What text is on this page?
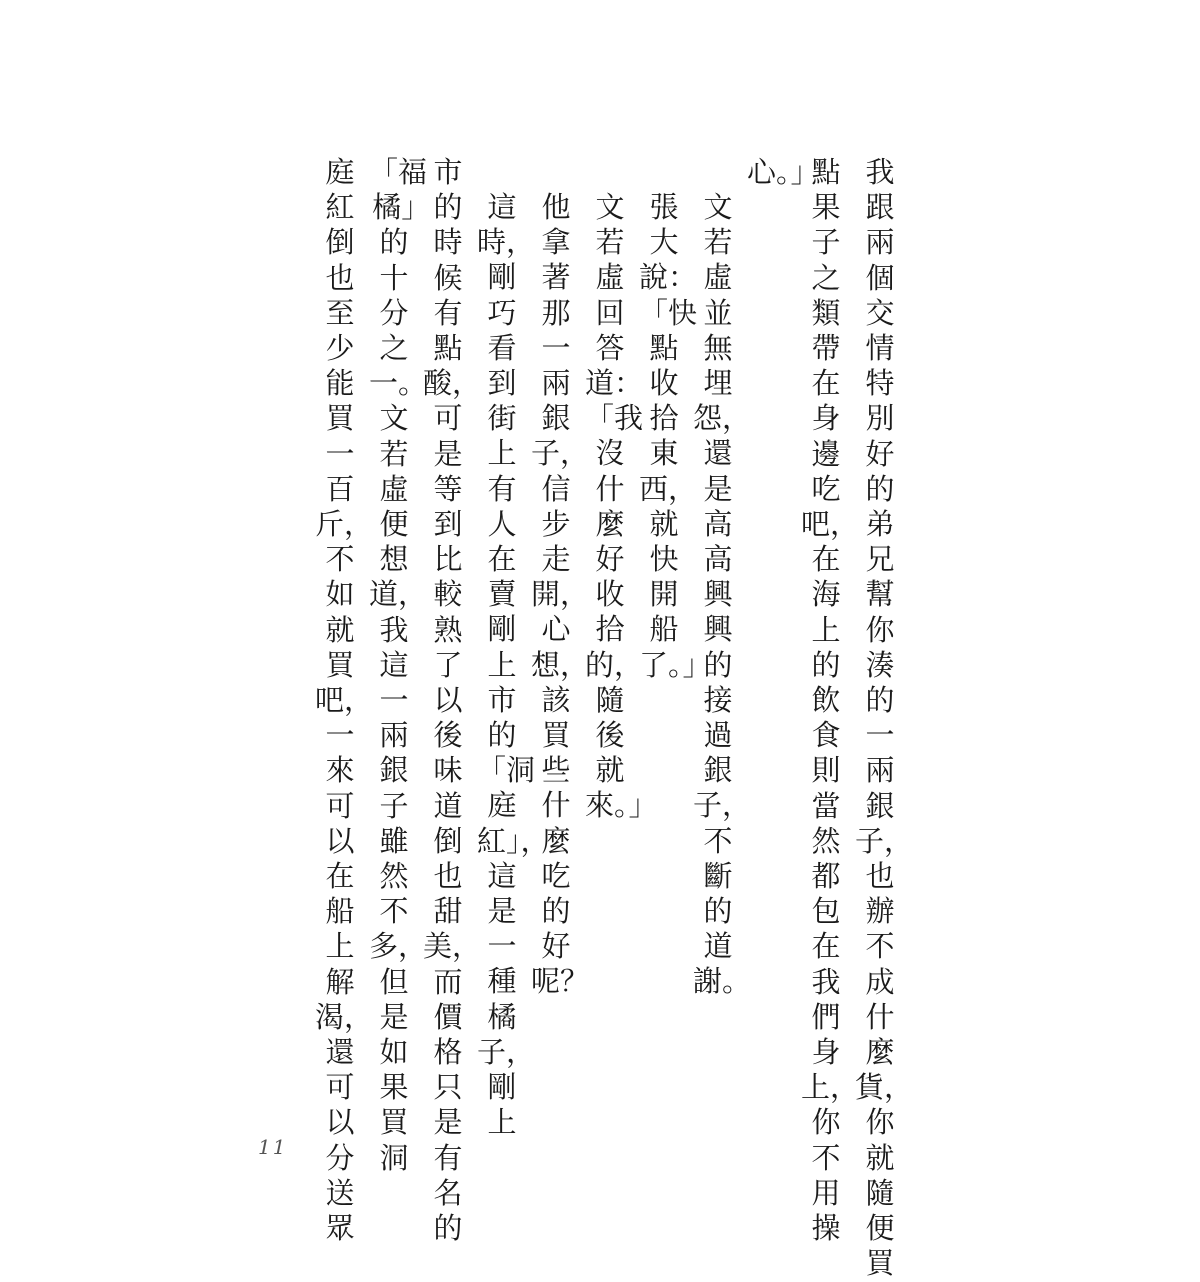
我跟兩個交情特別好的弟兄幫你湊的一兩銀子，也辦不成什麼貨，你就隨便買
點果子之類帶在身邊吃吧，在海上的飲食則當然都包在我們身上，你不用操
心。」
文若虛並無埋怨，還是高高興興的接過銀子，不斷的道謝。
張大說：「快點收拾東西，就快開船了。」
文若虛回答道：「我沒什麼好收拾的，隨後就來。」
他拿著那一兩銀子，信步走開，心想，該買些什麼吃的好呢？
這時，剛巧看到街上有人在賣剛上市的「洞庭紅」，這是一種橘子，剛上
市的時候有點酸，可是等到比較熟了以後味道倒也甜美，而價格只是有名的
「福橘」的十分之一。文若虛便想道，我這一兩銀子雖然不多，但是如果買洞
庭紅倒也至少能買一百斤，不如就買吧，一來可以在船上解渴，還可以分送眾
11
